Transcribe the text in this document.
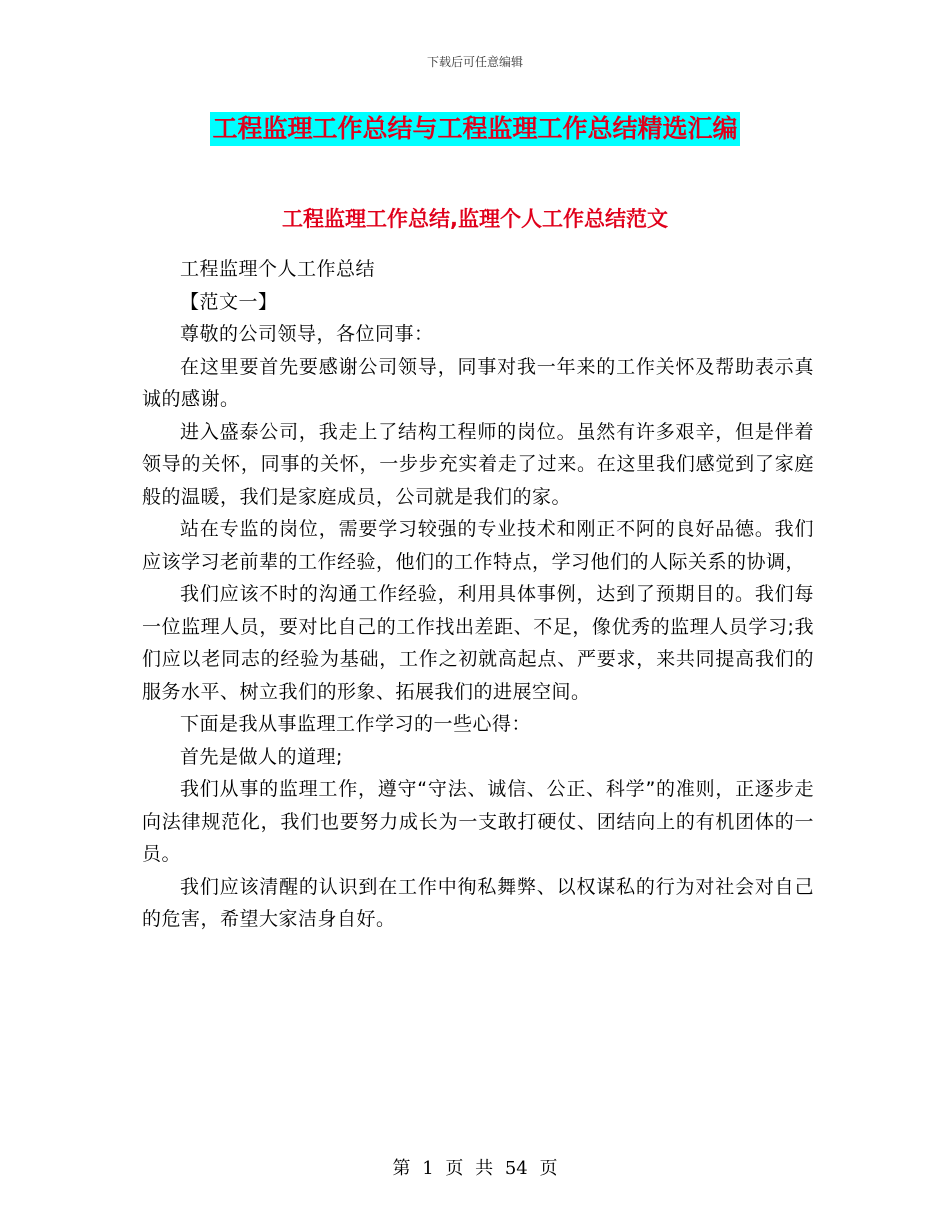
下载后可任意编辑
工程监理工作总结与工程监理工作总结精选汇编
工程监理工作总结,监理个人工作总结范文

工程监理个人工作总结

【范文一】

尊敬的公司领导，各位同事：

在这里要首先要感谢公司领导，同事对我一年来的工作关怀及帮助表示真诚的感谢。

进入盛泰公司，我走上了结构工程师的岗位。虽然有许多艰辛，但是伴着领导的关怀，同事的关怀，一步步充实着走了过来。在这里我们感觉到了家庭般的温暖，我们是家庭成员，公司就是我们的家。

站在专监的岗位，需要学习较强的专业技术和刚正不阿的良好品德。我们应该学习老前辈的工作经验，他们的工作特点，学习他们的人际关系的协调，

我们应该不时的沟通工作经验，利用具体事例，达到了预期目的。我们每一位监理人员，要对比自己的工作找出差距、不足，像优秀的监理人员学习;我们应以老同志的经验为基础，工作之初就高起点、严要求，来共同提高我们的服务水平、树立我们的形象、拓展我们的进展空间。

下面是我从事监理工作学习的一些心得：

首先是做人的道理;

我们从事的监理工作，遵守“守法、诚信、公正、科学”的准则，正逐步走向法律规范化，我们也要努力成长为一支敢打硬仗、团结向上的有机团体的一员。

我们应该清醒的认识到在工作中徇私舞弊、以权谋私的行为对社会对自己的危害，希望大家洁身自好。

第 1 页 共 54 页
